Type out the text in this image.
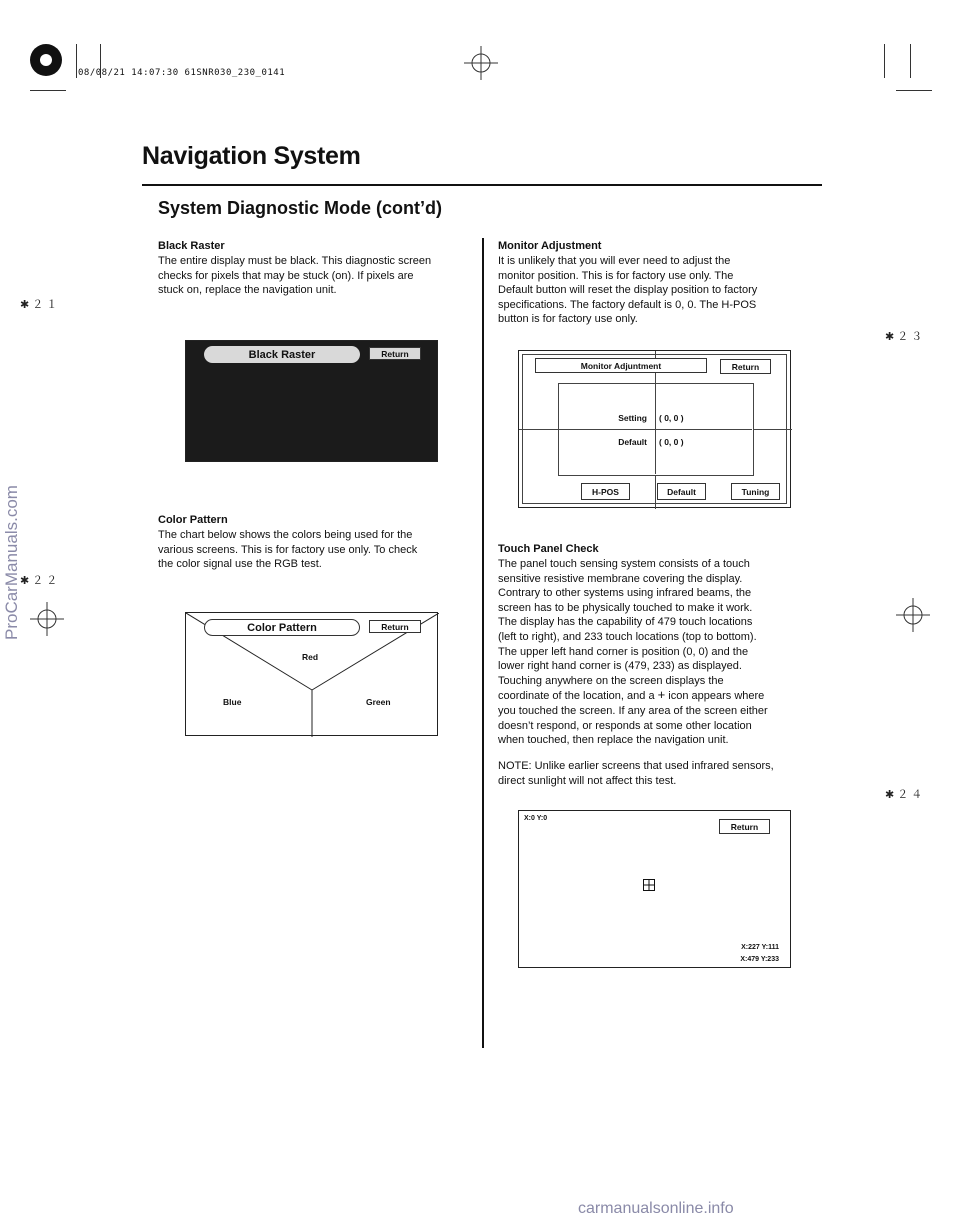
08/08/21 14:07:30 61SNR030_230_0141
Navigation System
System Diagnostic Mode (cont’d)
✱２１
✱２２
✱２３
✱２４
ProCarManuals.com
carmanualsonline.info
Black Raster
The entire display must be black. This diagnostic screen
checks for pixels that may be stuck (on). If pixels are
stuck on, replace the navigation unit.
Black Raster	Return
Color Pattern
The chart below shows the colors being used for the
various screens. This is for factory use only. To check
the color signal use the RGB test.
Color Pattern	Return
Red
Blue	Green
Monitor Adjustment
It is unlikely that you will ever need to adjust the
monitor position. This is for factory use only. The
Default button will reset the display position to factory
specifications. The factory default is 0, 0. The H-POS
button is for factory use only.
Monitor Adjuntment	Return
Setting ( 0, 0 )
Default ( 0, 0 )
H-POS	Default	Tuning
Touch Panel Check
The panel touch sensing system consists of a touch
sensitive resistive membrane covering the display.
Contrary to other systems using infrared beams, the
screen has to be physically touched to make it work.
The display has the capability of 479 touch locations
(left to right), and 233 touch locations (top to bottom).
The upper left hand corner is position (0, 0) and the
lower right hand corner is (479, 233) as displayed.
Touching anywhere on the screen displays the
coordinate of the location, and a + icon appears where
you touched the screen. If any area of the screen either
doesn’t respond, or responds at some other location
when touched, then replace the navigation unit.
NOTE: Unlike earlier screens that used infrared sensors,
direct sunlight will not affect this test.
X:0 Y:0
Return
X:227 Y:111
X:479 Y:233
